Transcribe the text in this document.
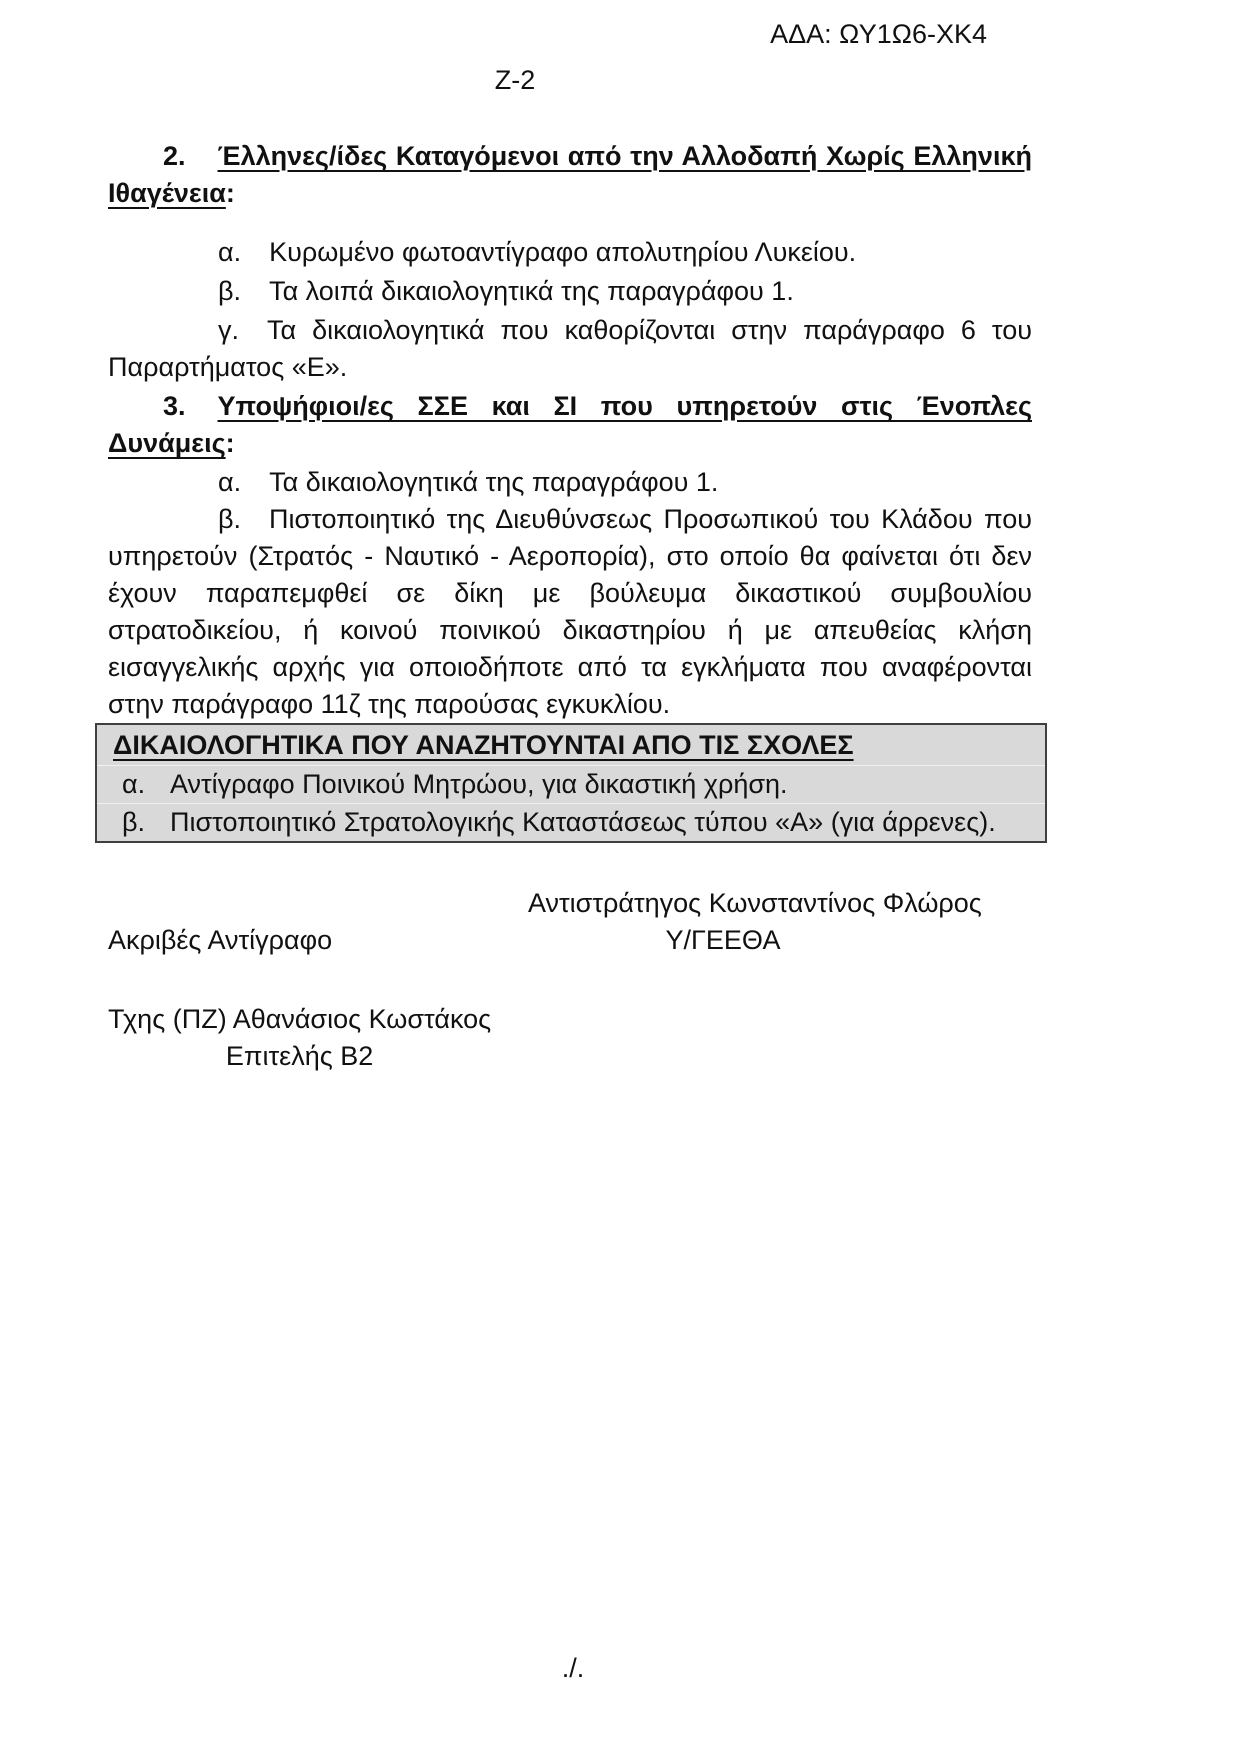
ΑΔΑ: ΩΥ1Ω6-ΧΚ4
Ζ-2

2. Έλληνες/ίδες Καταγόμενοι από την Αλλοδαπή Χωρίς Ελληνική Ιθαγένεια:

α. Κυρωμένο φωτοαντίγραφο απολυτηρίου Λυκείου.

β. Τα λοιπά δικαιολογητικά της παραγράφου 1.

γ. Τα δικαιολογητικά που καθορίζονται στην παράγραφο 6 του Παραρτήματος «Ε».

3. Υποψήφιοι/ες ΣΣΕ και ΣΙ που υπηρετούν στις Ένοπλες Δυνάμεις:

α. Τα δικαιολογητικά της παραγράφου 1.

β. Πιστοποιητικό της Διευθύνσεως Προσωπικού του Κλάδου που υπηρετούν (Στρατός - Ναυτικό - Αεροπορία), στο οποίο θα φαίνεται ότι δεν έχουν παραπεμφθεί σε δίκη με βούλευμα δικαστικού συμβουλίου στρατοδικείου, ή κοινού ποινικού δικαστηρίου ή με απευθείας κλήση εισαγγελικής αρχής για οποιοδήποτε από τα εγκλήματα που αναφέρονται στην παράγραφο 11ζ της παρούσας εγκυκλίου.

ΔΙΚΑΙΟΛΟΓΗΤΙΚΑ ΠΟΥ ΑΝΑΖΗΤΟΥΝΤΑΙ ΑΠΟ ΤΙΣ ΣΧΟΛΕΣ
α. Αντίγραφο Ποινικού Μητρώου, για δικαστική χρήση.
β. Πιστοποιητικό Στρατολογικής Καταστάσεως τύπου «Α» (για άρρενες).
Αντιστράτηγος Κωνσταντίνος Φλώρος
Υ/ΓΕΕΘΑ
Ακριβές Αντίγραφο
Τχης (ΠΖ) Αθανάσιος Κωστάκος
Επιτελής Β2
./.
